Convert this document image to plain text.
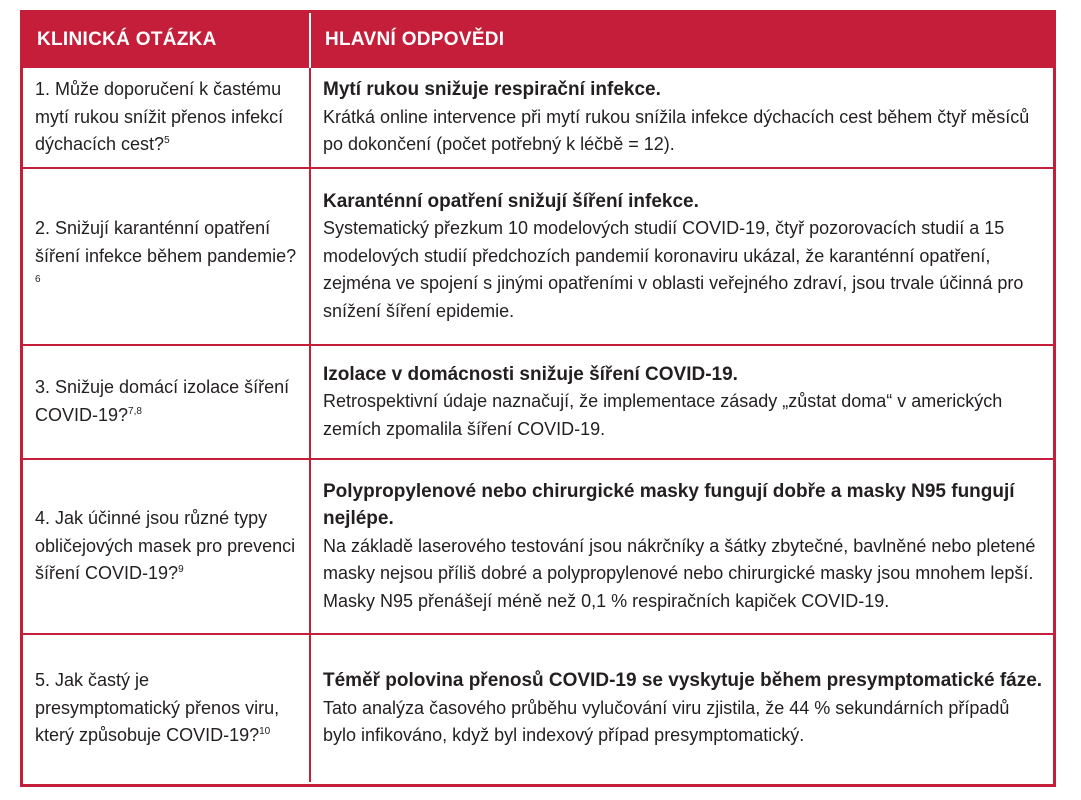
KLINICKÁ OTÁZKA	HLAVNÍ ODPOVĚDI
1. Může doporučení k častému mytí rukou snížit přenos infekcí dýchacích cest?$^5$	Mytí rukou snižuje respirační infekce.
Krátká online intervence při mytí rukou snížila infekce dýchacích cest během čtyř měsíců po dokončení (počet potřebný k léčbě = 12).

2. Snižují karanténní opatření šíření infekce během pandemie?$^6$	Karanténní opatření snižují šíření infekce.
Systematický přezkum 10 modelových studií COVID-19, čtyř pozorovacích studií a 15 modelových studií předchozích pandemií koronaviru ukázal, že karanténní opatření, zejména ve spojení s jinými opatřeními v oblasti veřejného zdraví, jsou trvale účinná pro snížení šíření epidemie.

3. Snižuje domácí izolace šíření COVID-19?$^{7,8}$	Izolace v domácnosti snižuje šíření COVID-19.
Retrospektivní údaje naznačují, že implementace zásady „zůstat doma“ v amerických zemích zpomalila šíření COVID-19.

4. Jak účinné jsou různé typy obličejových masek pro prevenci šíření COVID-19?$^9$	Polypropylenové nebo chirurgické masky fungují dobře a masky N95 fungují nejlépe.
Na základě laserového testování jsou nákrčníky a šátky zbytečné, bavlněné nebo pletené masky nejsou příliš dobré a polypropylenové nebo chirurgické masky jsou mnohem lepší. Masky N95 přenášejí méně než 0,1 % respiračních kapiček COVID-19.

5. Jak častý je presymptomatický přenos viru, který způsobuje COVID-19?$^{10}$	Téměř polovina přenosů COVID-19 se vyskytuje během presymptomatické fáze.
Tato analýza časového průběhu vylučování viru zjistila, že 44 % sekundárních případů bylo infikováno, když byl indexový případ presymptomatický.
